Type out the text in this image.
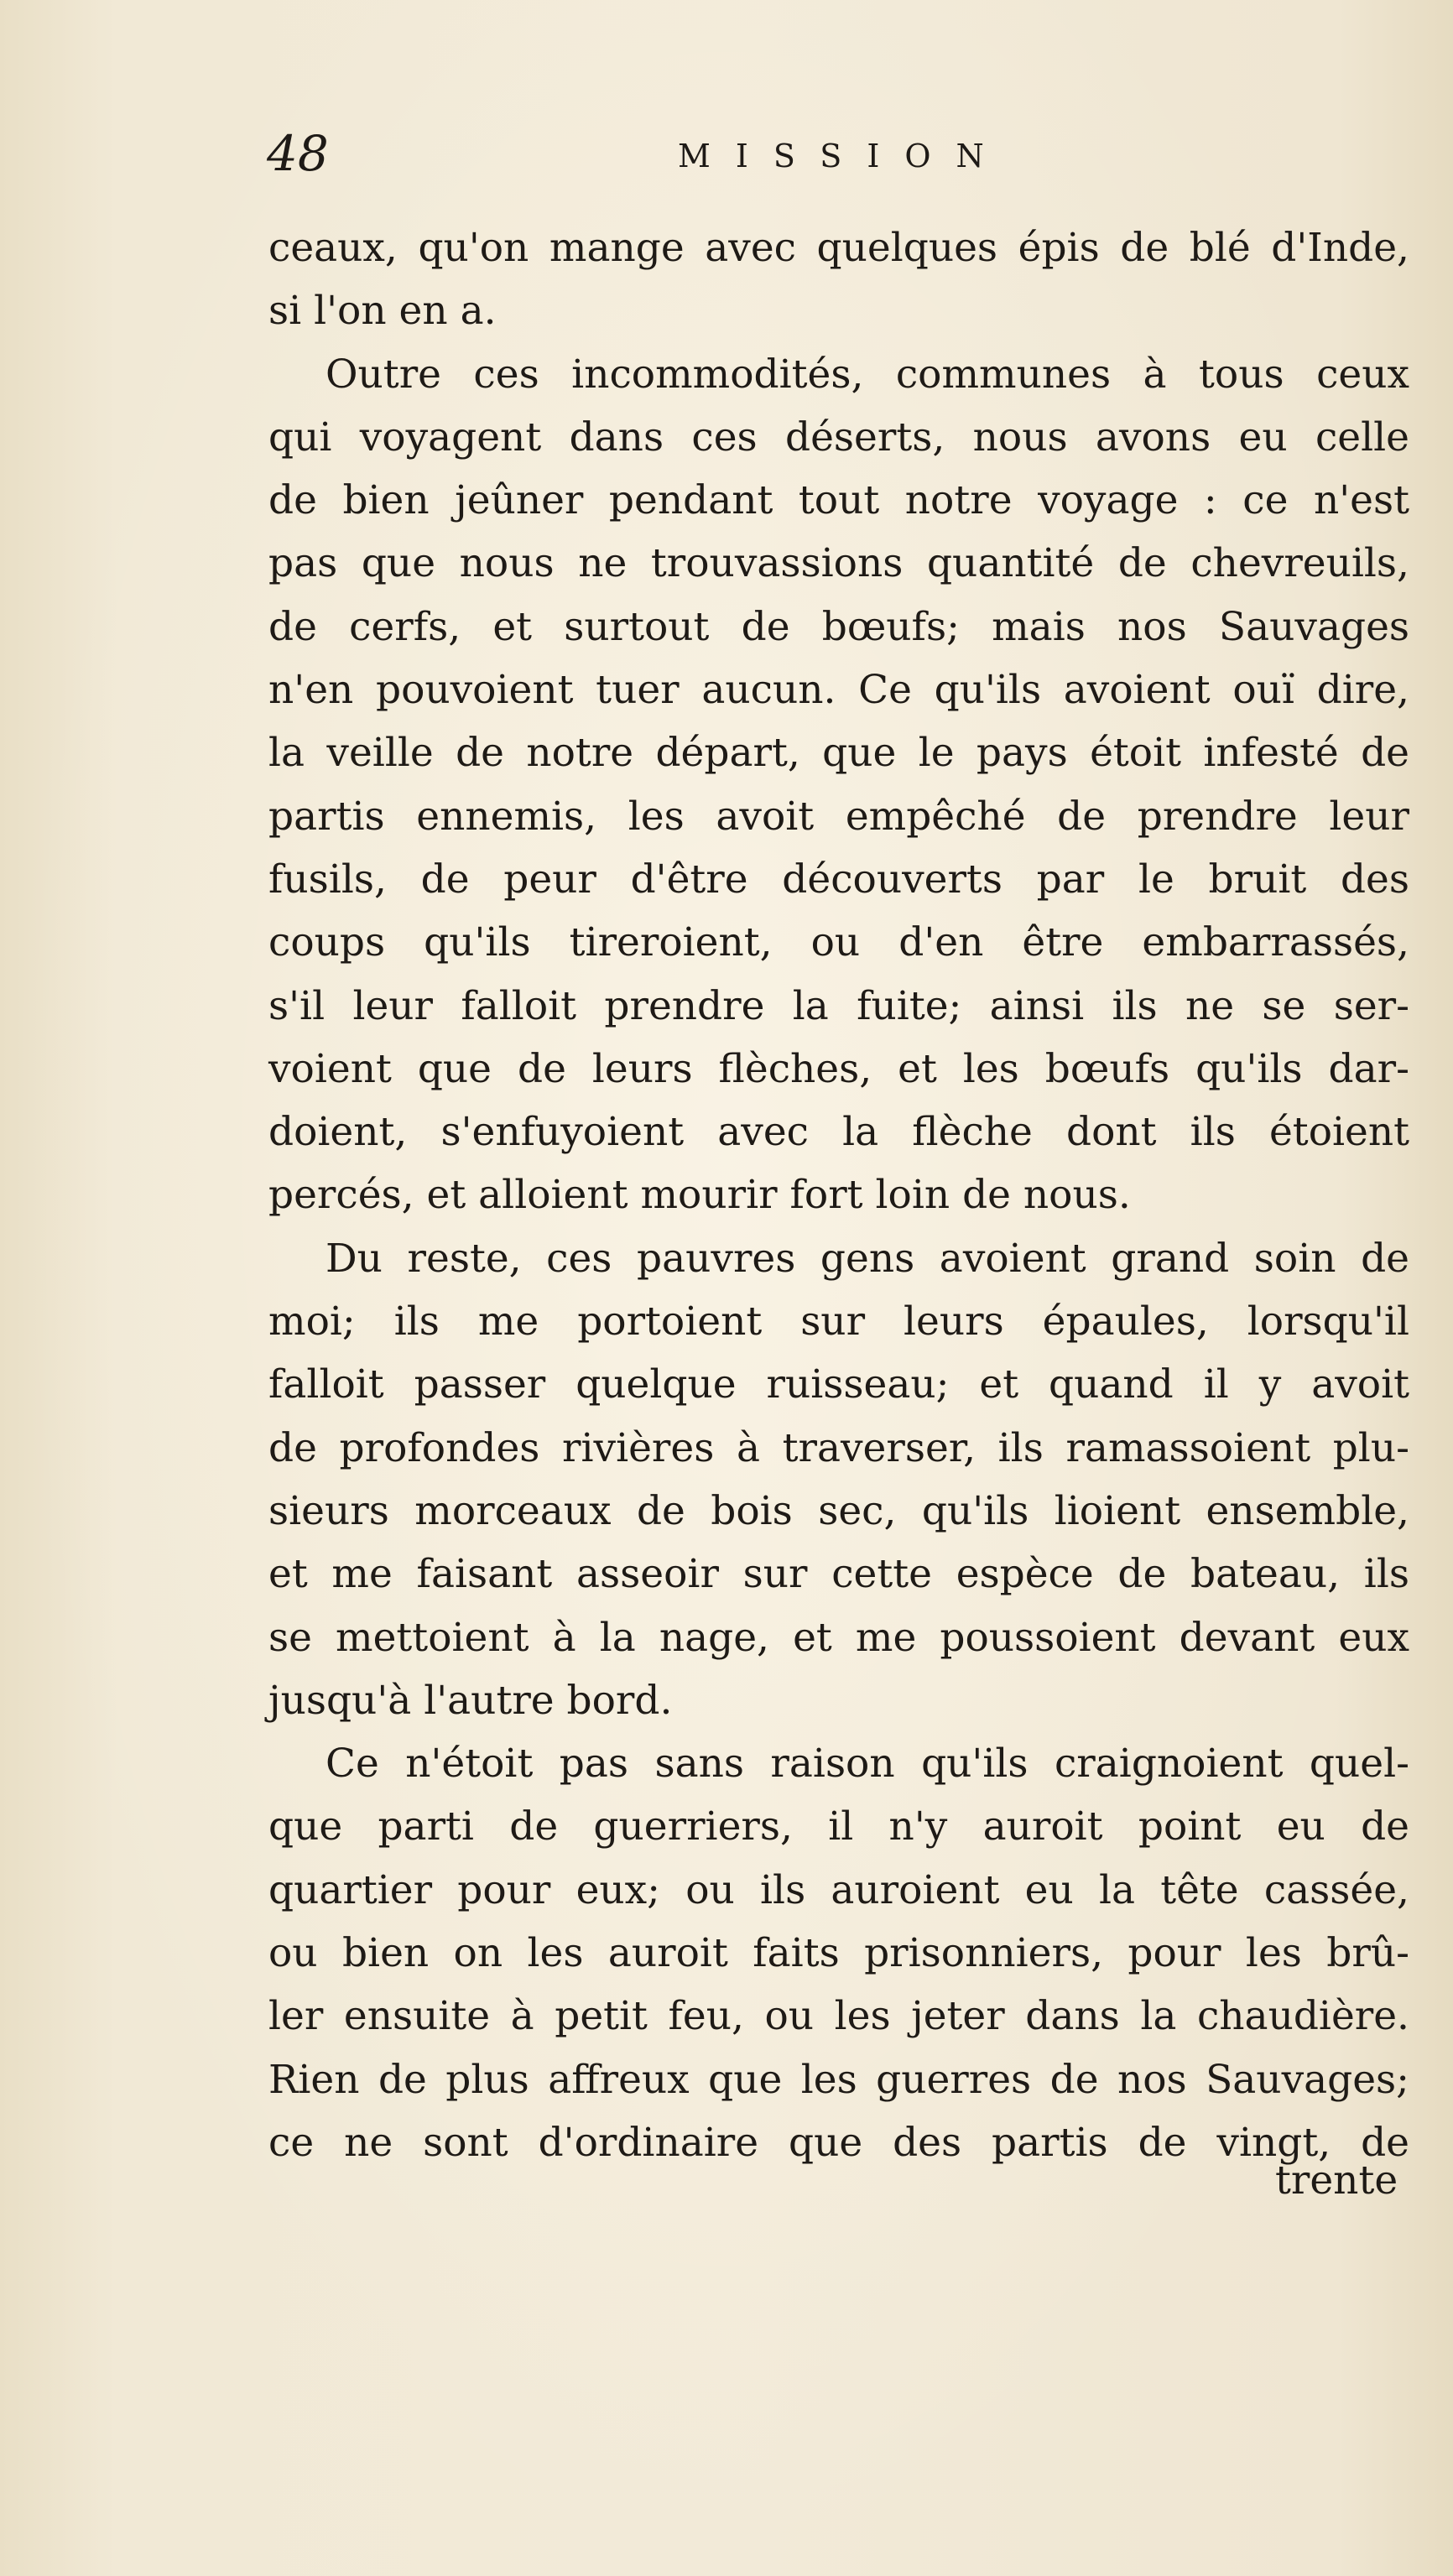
48	MISSION
ceaux, qu'on mange avec quelques épis de blé d'Inde,
si l'on en a.
Outre ces incommodités, communes à tous ceux
qui voyagent dans ces déserts, nous avons eu celle
de bien jeûner pendant tout notre voyage : ce n'est
pas que nous ne trouvassions quantité de chevreuils,
de cerfs, et surtout de bœufs; mais nos Sauvages
n'en pouvoient tuer aucun. Ce qu'ils avoient ouï dire,
la veille de notre départ, que le pays étoit infesté de
partis ennemis, les avoit empêché de prendre leur
fusils, de peur d'être découverts par le bruit des
coups qu'ils tireroient, ou d'en être embarrassés,
s'il leur falloit prendre la fuite; ainsi ils ne se ser-
voient que de leurs flèches, et les bœufs qu'ils dar-
doient, s'enfuyoient avec la flèche dont ils étoient
percés, et alloient mourir fort loin de nous.
Du reste, ces pauvres gens avoient grand soin de
moi; ils me portoient sur leurs épaules, lorsqu'il
falloit passer quelque ruisseau; et quand il y avoit
de profondes rivières à traverser, ils ramassoient plu-
sieurs morceaux de bois sec, qu'ils lioient ensemble,
et me faisant asseoir sur cette espèce de bateau, ils
se mettoient à la nage, et me poussoient devant eux
jusqu'à l'autre bord.
Ce n'étoit pas sans raison qu'ils craignoient quel-
que parti de guerriers, il n'y auroit point eu de
quartier pour eux; ou ils auroient eu la tête cassée,
ou bien on les auroit faits prisonniers, pour les brû-
ler ensuite à petit feu, ou les jeter dans la chaudière.
Rien de plus affreux que les guerres de nos Sauvages;
ce ne sont d'ordinaire que des partis de vingt, de
trente
